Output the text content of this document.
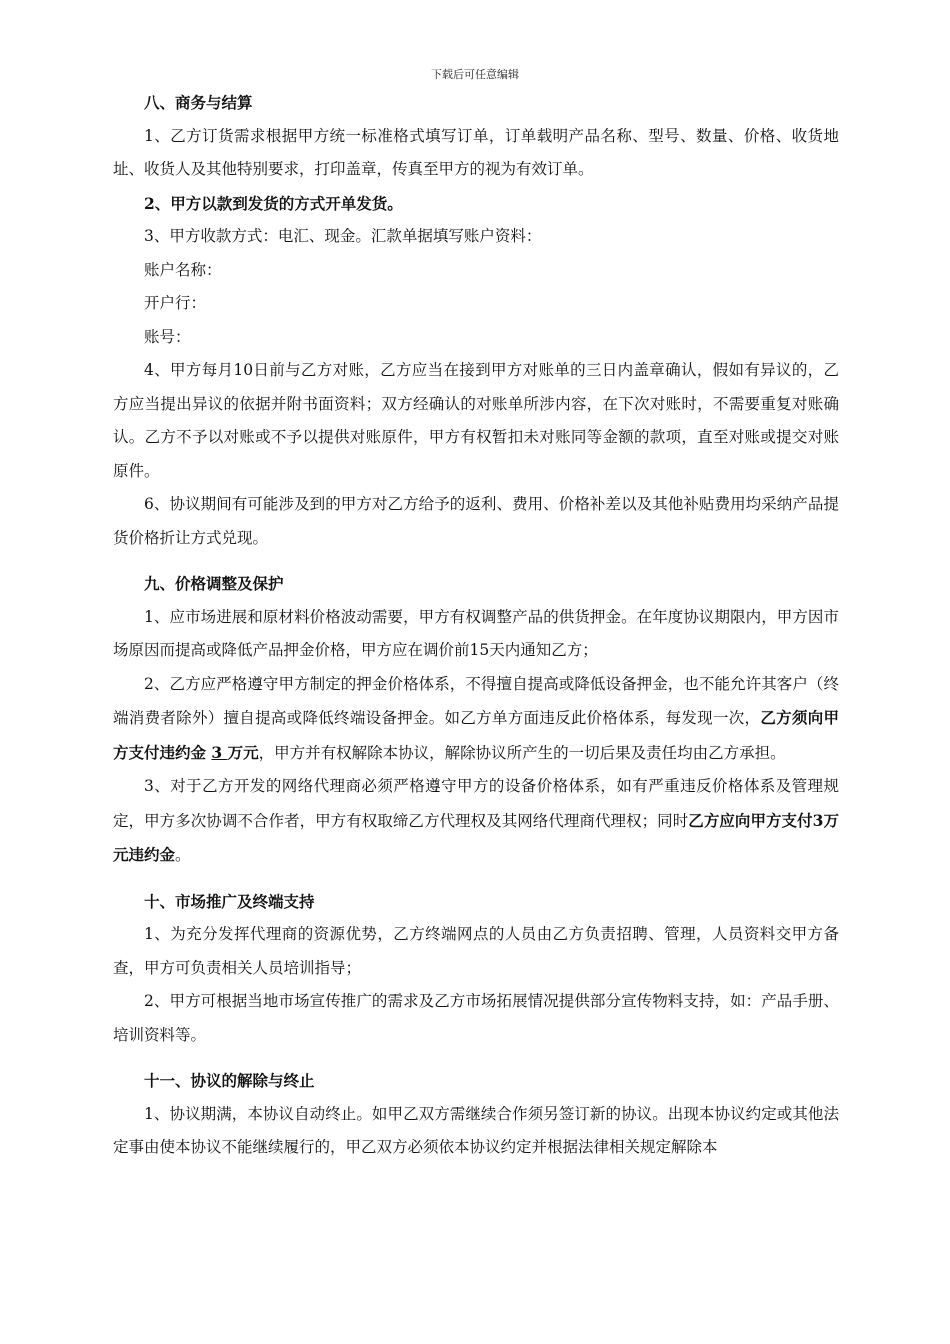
下载后可任意编辑

八、商务与结算

1、乙方订货需求根据甲方统一标准格式填写订单，订单载明产品名称、型号、数量、价格、收货地址、收货人及其他特别要求，打印盖章，传真至甲方的视为有效订单。

2、甲方以款到发货的方式开单发货。

3、甲方收款方式：电汇、现金。汇款单据填写账户资料：

账户名称：

开户行：

账号：

4、甲方每月10日前与乙方对账，乙方应当在接到甲方对账单的三日内盖章确认，假如有异议的，乙方应当提出异议的依据并附书面资料；双方经确认的对账单所涉内容，在下次对账时，不需要重复对账确认。乙方不予以对账或不予以提供对账原件，甲方有权暂扣未对账同等金额的款项，直至对账或提交对账原件。

6、协议期间有可能涉及到的甲方对乙方给予的返利、费用、价格补差以及其他补贴费用均采纳产品提货价格折让方式兑现。

九、价格调整及保护

1、应市场进展和原材料价格波动需要，甲方有权调整产品的供货押金。在年度协议期限内，甲方因市场原因而提高或降低产品押金价格，甲方应在调价前15天内通知乙方；

2、乙方应严格遵守甲方制定的押金价格体系，不得擅自提高或降低设备押金，也不能允许其客户（终端消费者除外）擅自提高或降低终端设备押金。如乙方单方面违反此价格体系，每发现一次，乙方须向甲方支付违约金 3 万元，甲方并有权解除本协议，解除协议所产生的一切后果及责任均由乙方承担。

3、对于乙方开发的网络代理商必须严格遵守甲方的设备价格体系，如有严重违反价格体系及管理规定，甲方多次协调不合作者，甲方有权取缔乙方代理权及其网络代理商代理权；同时乙方应向甲方支付3万元违约金。

十、市场推广及终端支持

1、为充分发挥代理商的资源优势，乙方终端网点的人员由乙方负责招聘、管理，人员资料交甲方备查，甲方可负责相关人员培训指导；

2、甲方可根据当地市场宣传推广的需求及乙方市场拓展情况提供部分宣传物料支持，如：产品手册、培训资料等。

十一、协议的解除与终止

1、协议期满，本协议自动终止。如甲乙双方需继续合作须另签订新的协议。出现本协议约定或其他法定事由使本协议不能继续履行的，甲乙双方必须依本协议约定并根据法律相关规定解除本
